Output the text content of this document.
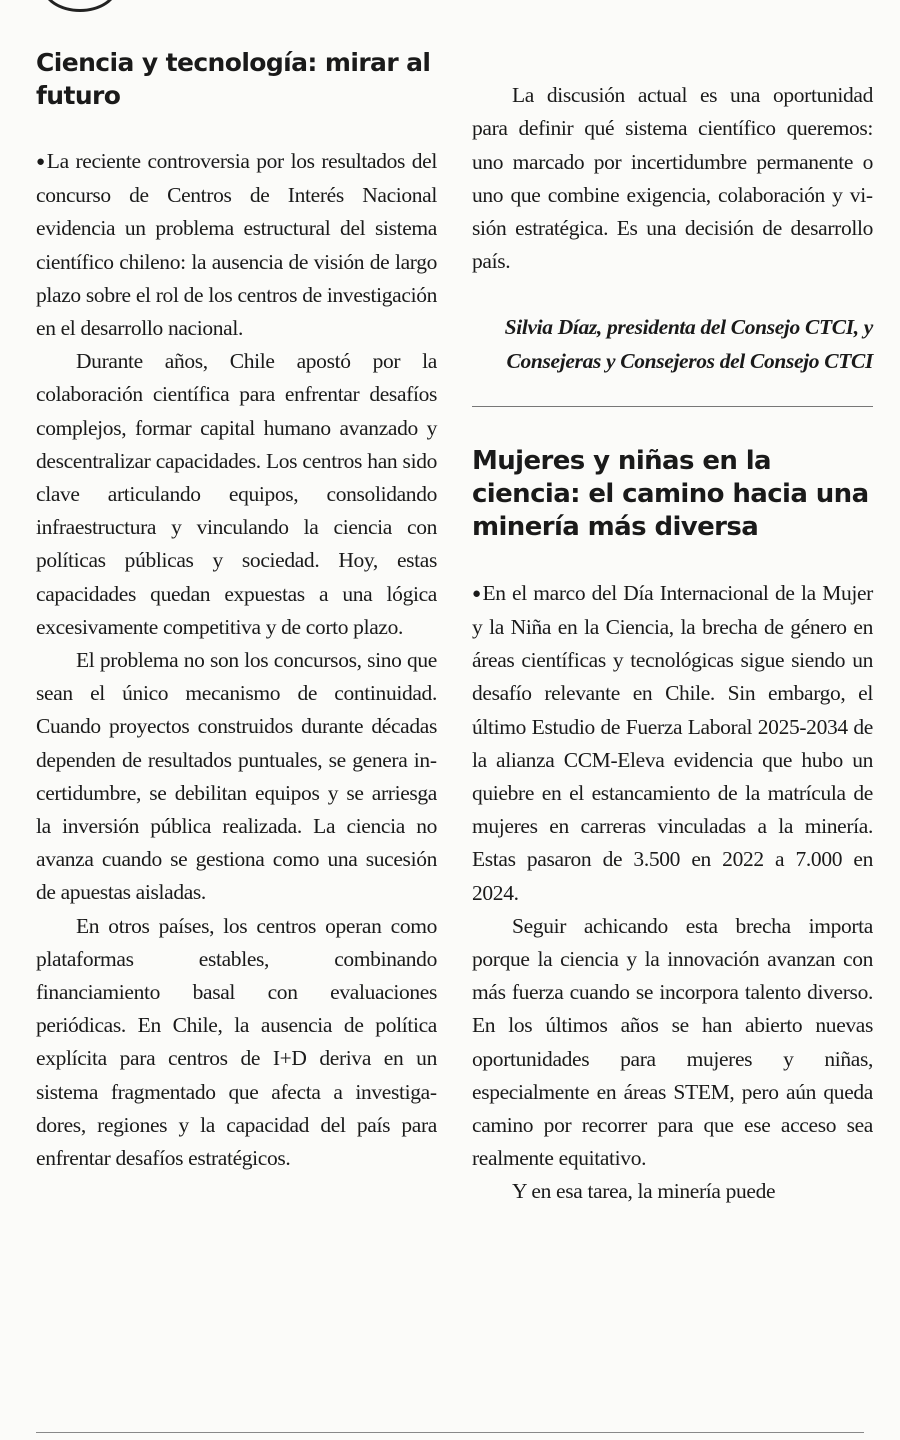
Ciencia y tecnología: mirar al futuro

●La reciente controversia por los resultados del concurso de Centros de Interés Nacional evidencia un problema estructural del sistema científico chileno: la ausencia de visión de largo plazo sobre el rol de los centros de investigación en el desarrollo nacional.

Durante años, Chile apostó por la colaboración científica para enfrentar desafíos complejos, formar capital humano avanzado y descentralizar capacidades. Los centros han sido clave articulando equipos, consolidando infraestructura y vinculando la ciencia con políticas públicas y sociedad. Hoy, estas capacidades quedan expuestas a una lógica excesivamente competitiva y de corto plazo.

El problema no son los concursos, sino que sean el único mecanismo de continuidad. Cuando proyectos construidos durante décadas dependen de resultados puntuales, se genera incertidumbre, se debilitan equipos y se arriesga la inversión pública realizada. La ciencia no avanza cuando se gestiona como una sucesión de apuestas aisladas.

En otros países, los centros operan como plataformas estables, combinando financiamiento basal con evaluaciones periódicas. En Chile, la ausencia de política explícita para centros de I+D deriva en un sistema fragmentado que afecta a investigadores, regiones y la capacidad del país para enfrentar desafíos estratégicos.

La discusión actual es una oportunidad para definir qué sistema científico queremos: uno marcado por incertidumbre permanente o uno que combine exigencia, colaboración y visión estratégica. Es una decisión de desarrollo país.

Silvia Díaz, presidenta del Consejo CTCI, y Consejeras y Consejeros del Consejo CTCI

Mujeres y niñas en la ciencia: el camino hacia una minería más diversa

●En el marco del Día Internacional de la Mujer y la Niña en la Ciencia, la brecha de género en áreas científicas y tecnológicas sigue siendo un desafío relevante en Chile. Sin embargo, el último Estudio de Fuerza Laboral 2025-2034 de la alianza CCM-Eleva evidencia que hubo un quiebre en el estancamiento de la matrícula de mujeres en carreras vinculadas a la minería. Estas pasaron de 3.500 en 2022 a 7.000 en 2024.

Seguir achicando esta brecha importa porque la ciencia y la innovación avanzan con más fuerza cuando se incorpora talento diverso. En los últimos años se han abierto nuevas oportunidades para mujeres y niñas, especialmente en áreas STEM, pero aún queda camino por recorrer para que ese acceso sea realmente equitativo.

Y en esa tarea, la minería puede
